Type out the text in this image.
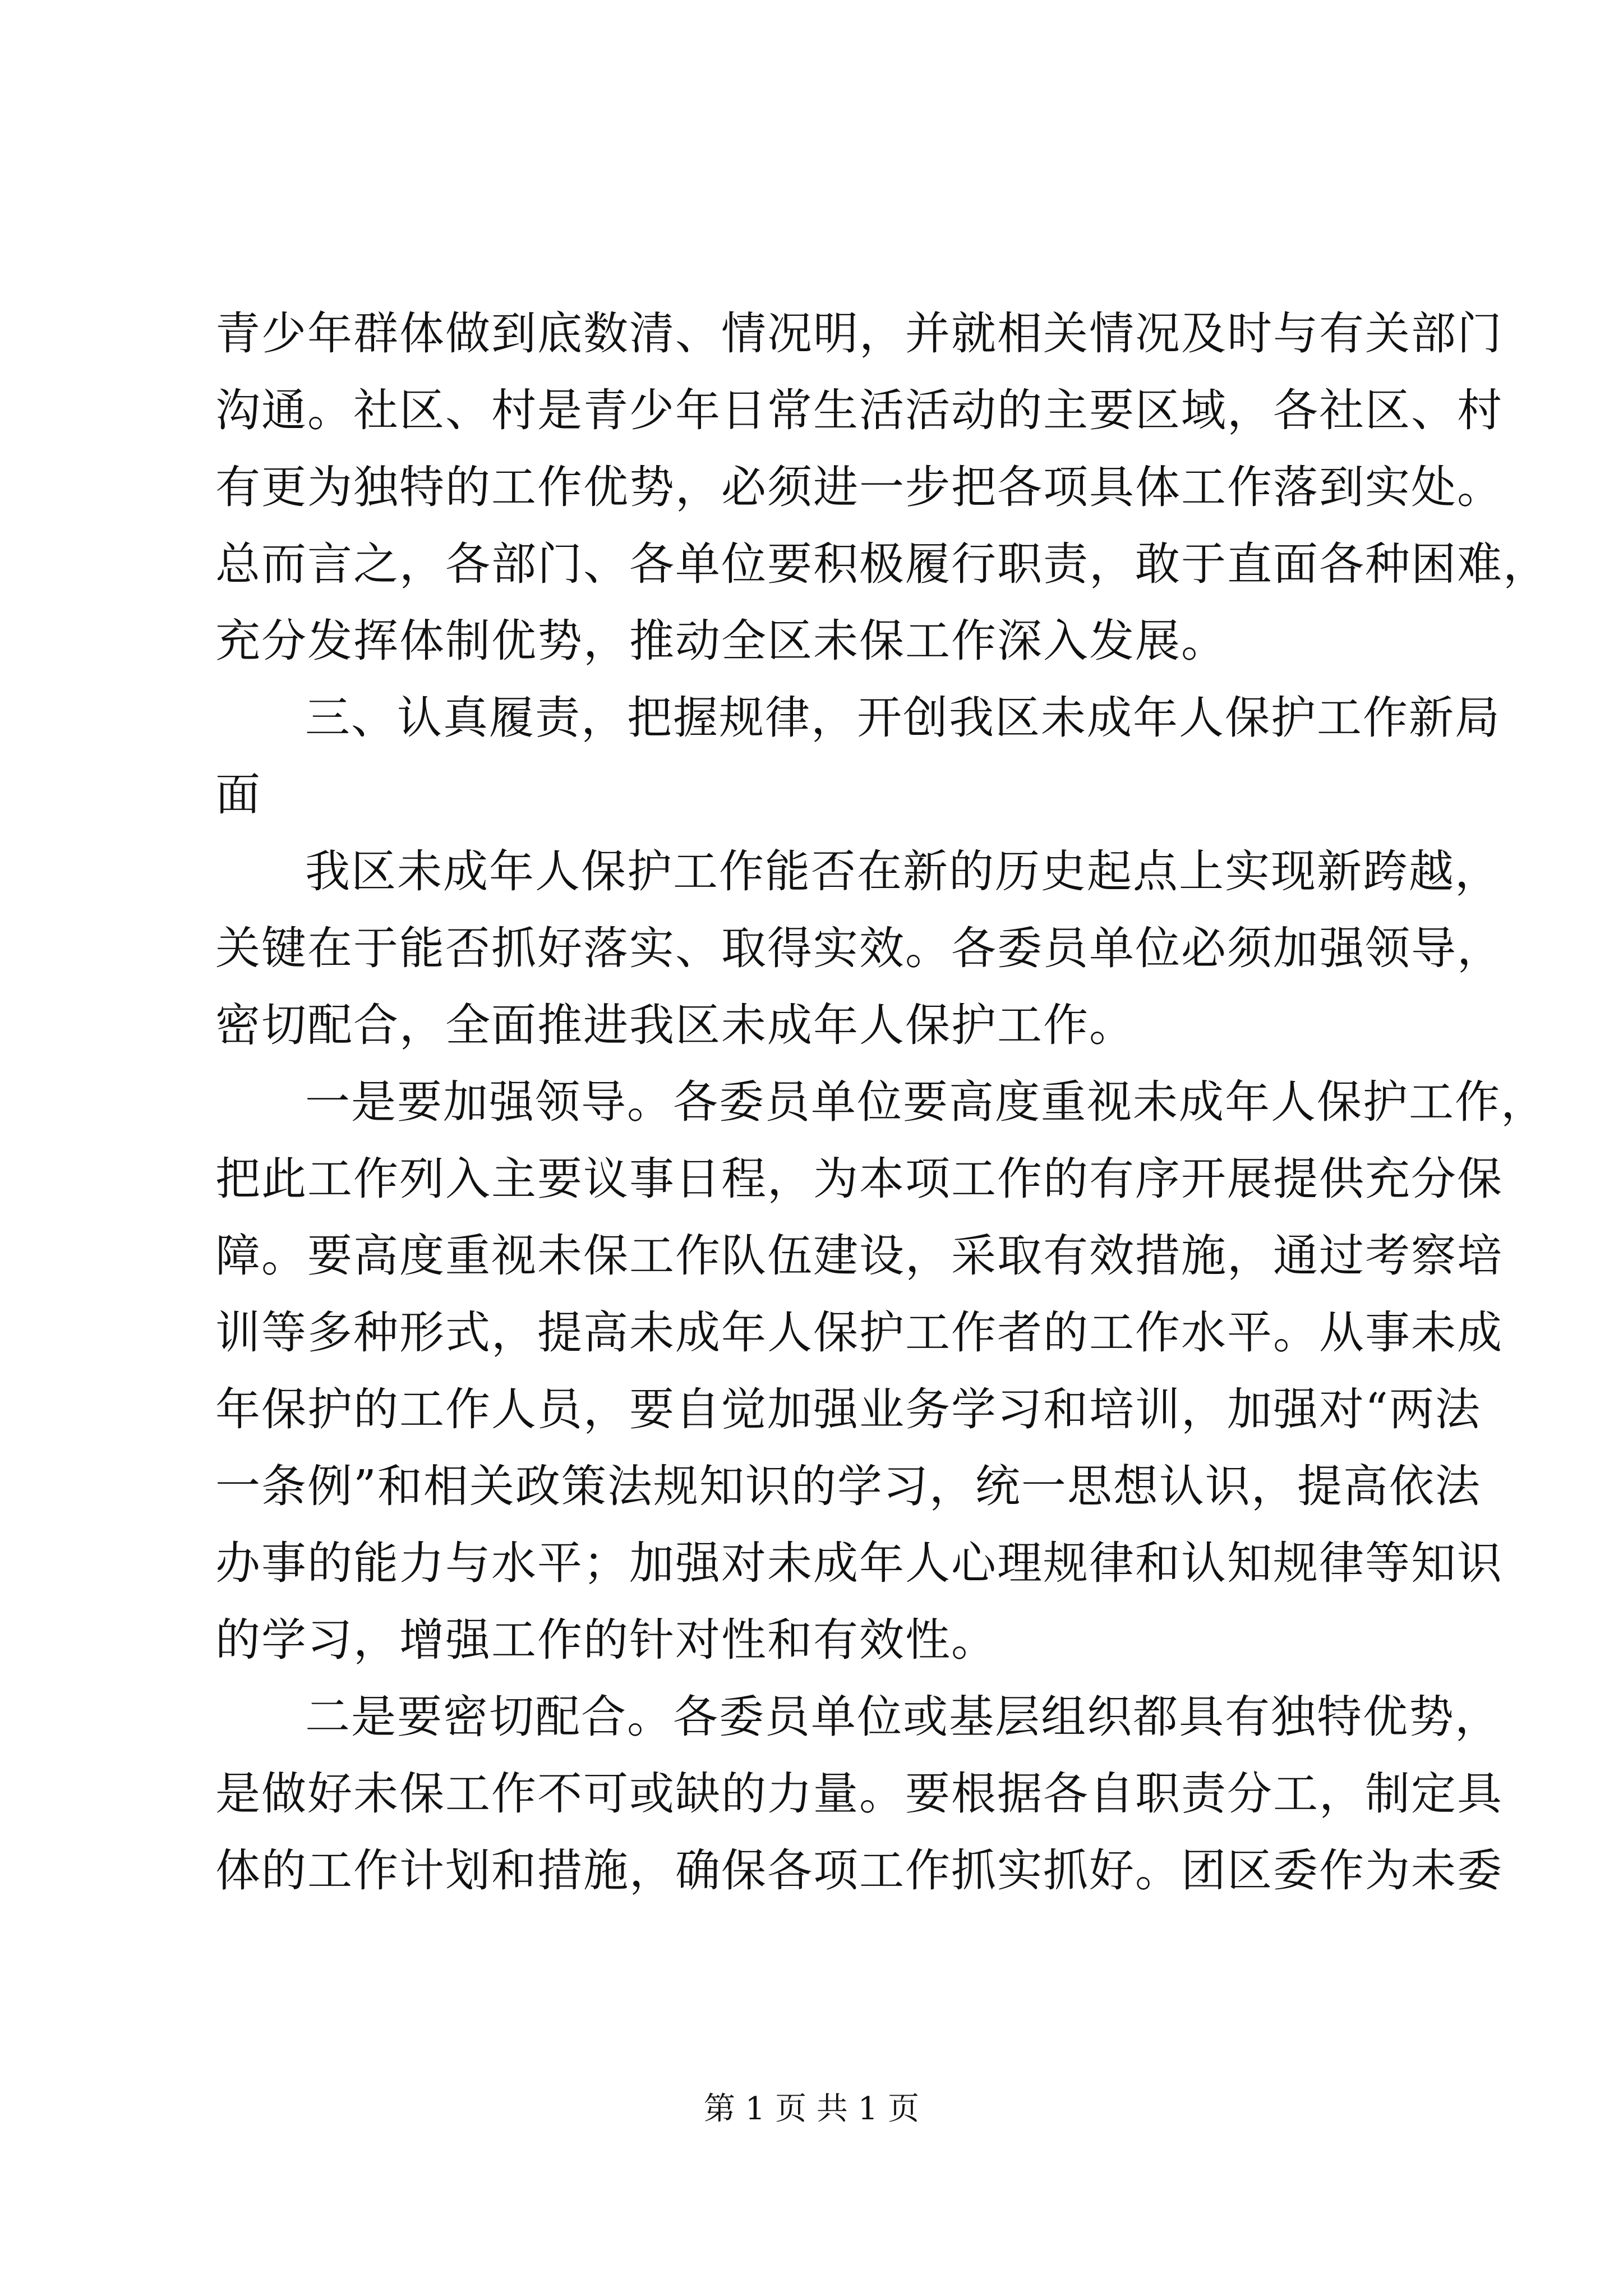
青少年群体做到底数清、情况明，并就相关情况及时与有关部门
沟通。社区、村是青少年日常生活活动的主要区域，各社区、村
有更为独特的工作优势，必须进一步把各项具体工作落到实处。
总而言之，各部门、各单位要积极履行职责，敢于直面各种困难，
充分发挥体制优势，推动全区未保工作深入发展。
三、认真履责，把握规律，开创我区未成年人保护工作新局
面
我区未成年人保护工作能否在新的历史起点上实现新跨越，
关键在于能否抓好落实、取得实效。各委员单位必须加强领导，
密切配合，全面推进我区未成年人保护工作。
一是要加强领导。各委员单位要高度重视未成年人保护工作，
把此工作列入主要议事日程，为本项工作的有序开展提供充分保
障。要高度重视未保工作队伍建设，采取有效措施，通过考察培
训等多种形式，提高未成年人保护工作者的工作水平。从事未成
年保护的工作人员，要自觉加强业务学习和培训，加强对“两法
一条例”和相关政策法规知识的学习，统一思想认识，提高依法
办事的能力与水平；加强对未成年人心理规律和认知规律等知识
的学习，增强工作的针对性和有效性。
二是要密切配合。各委员单位或基层组织都具有独特优势，
是做好未保工作不可或缺的力量。要根据各自职责分工，制定具
体的工作计划和措施，确保各项工作抓实抓好。团区委作为未委
第 1 页 共 1 页
